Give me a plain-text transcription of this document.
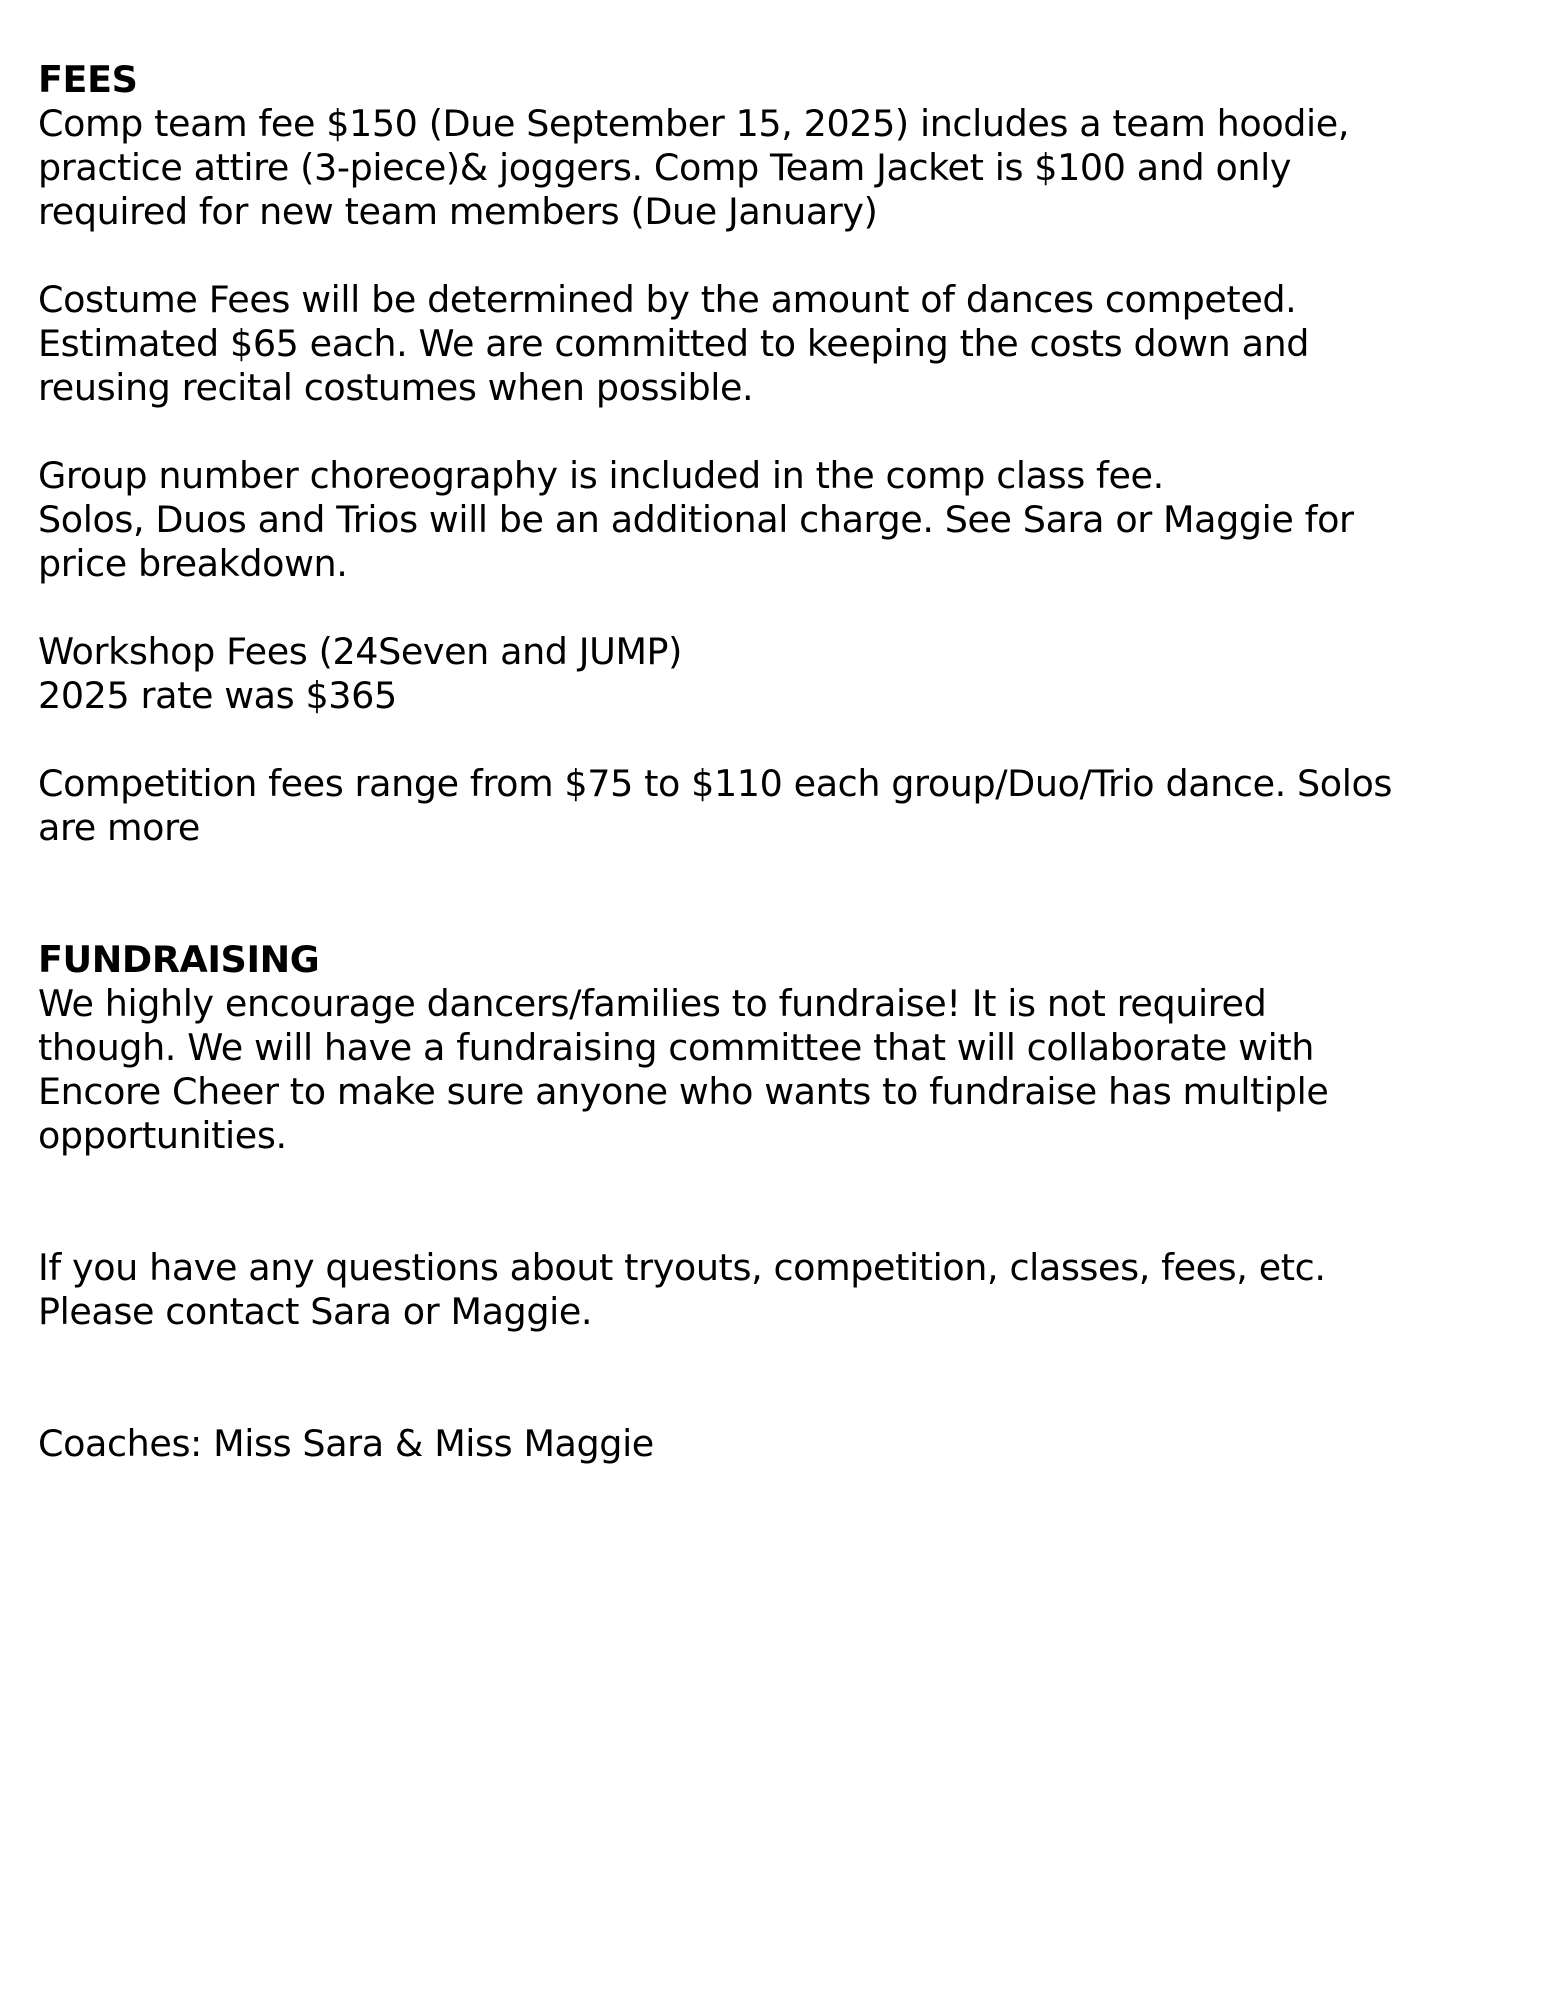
FEES
Comp team fee $150 (Due September 15, 2025) includes a team hoodie,
practice attire (3-piece)& joggers. Comp Team Jacket is $100 and only
required for new team members (Due January)
Costume Fees will be determined by the amount of dances competed.
Estimated $65 each. We are committed to keeping the costs down and
reusing recital costumes when possible.
Group number choreography is included in the comp class fee.
Solos, Duos and Trios will be an additional charge. See Sara or Maggie for
price breakdown.
Workshop Fees (24Seven and JUMP)
2025 rate was $365
Competition fees range from $75 to $110 each group/Duo/Trio dance. Solos
are more
FUNDRAISING
We highly encourage dancers/families to fundraise! It is not required
though. We will have a fundraising committee that will collaborate with
Encore Cheer to make sure anyone who wants to fundraise has multiple
opportunities.
If you have any questions about tryouts, competition, classes, fees, etc.
Please contact Sara or Maggie.
Coaches: Miss Sara & Miss Maggie
